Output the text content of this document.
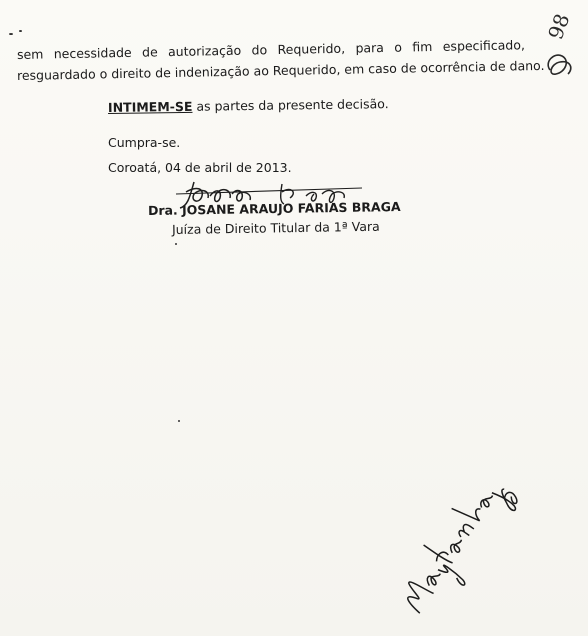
98
sem necessidade de autorização do Requerido, para o fim especificado,
resguardado o direito de indenização ao Requerido, em caso de ocorrência de dano.
INTIMEM-SE as partes da presente decisão.
Cumpra-se.
Coroatá, 04 de abril de 2013.
Dra. JOSANE ARAUJO FARIAS BRAGA
Juíza de Direito Titular da 1ª Vara
